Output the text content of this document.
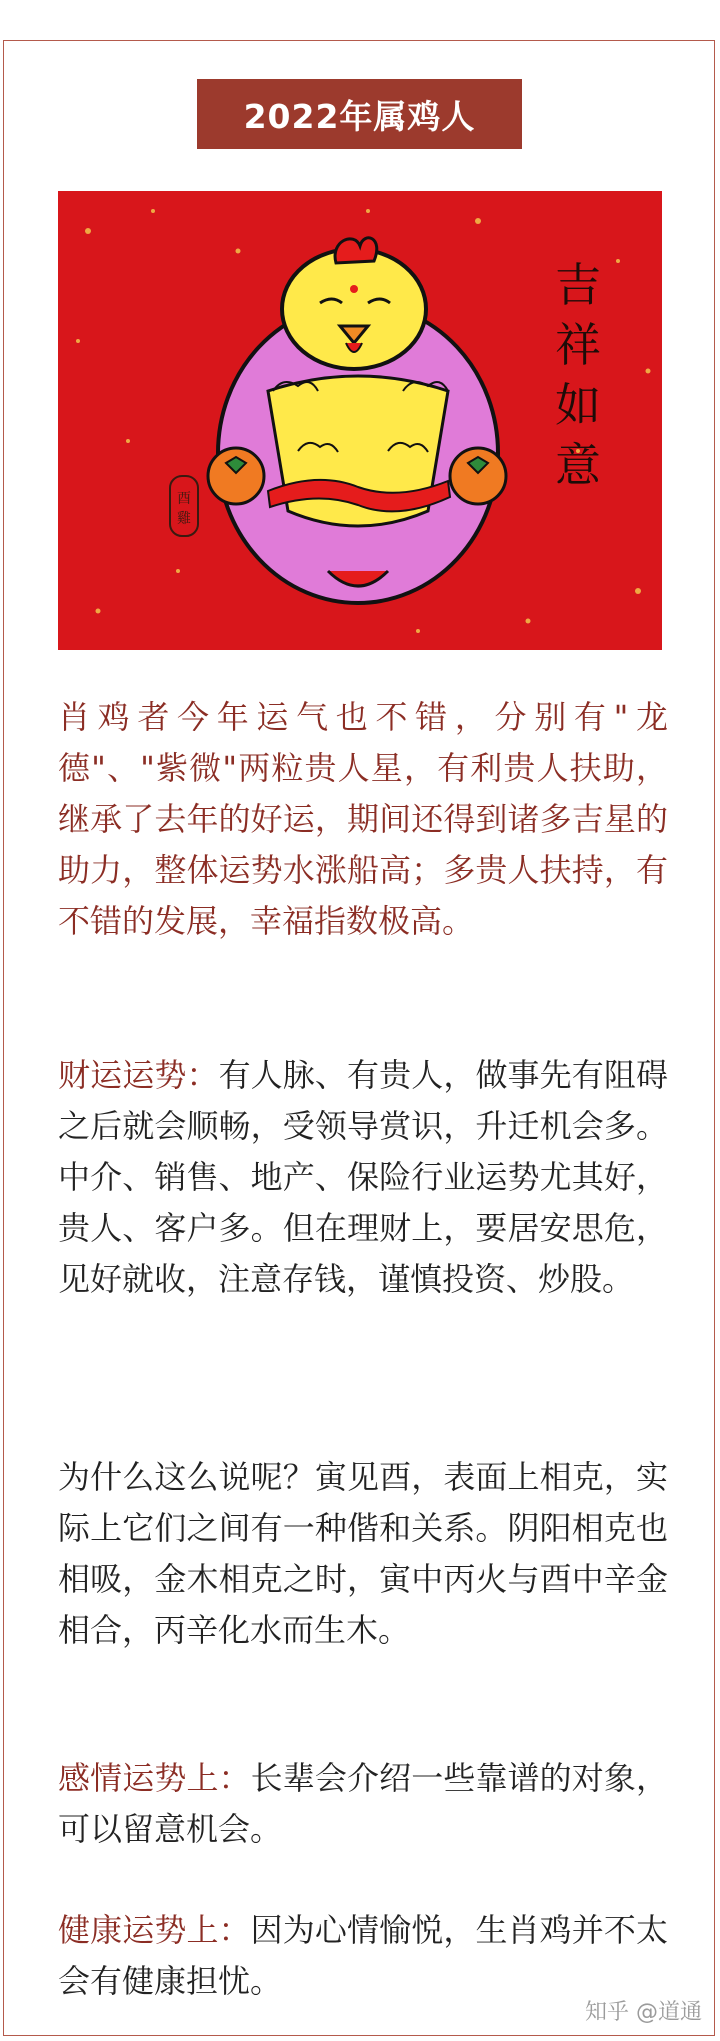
2022年属鸡人
酉
雞
吉
祥
如
意
肖鸡者今年运气也不错，分别有"龙德"、"紫微"两粒贵人星，有利贵人扶助，继承了去年的好运，期间还得到诸多吉星的助力，整体运势水涨船高；多贵人扶持，有不错的发展，幸福指数极高。
财运运势：有人脉、有贵人，做事先有阻碍之后就会顺畅，受领导赏识，升迁机会多。中介、销售、地产、保险行业运势尤其好，贵人、客户多。但在理财上，要居安思危，见好就收，注意存钱，谨慎投资、炒股。
为什么这么说呢？寅见酉，表面上相克，实际上它们之间有一种偕和关系。阴阳相克也相吸，金木相克之时，寅中丙火与酉中辛金相合，丙辛化水而生木。
感情运势上：长辈会介绍一些靠谱的对象，可以留意机会。
健康运势上：因为心情愉悦，生肖鸡并不太会有健康担忧。
知乎 @道通
